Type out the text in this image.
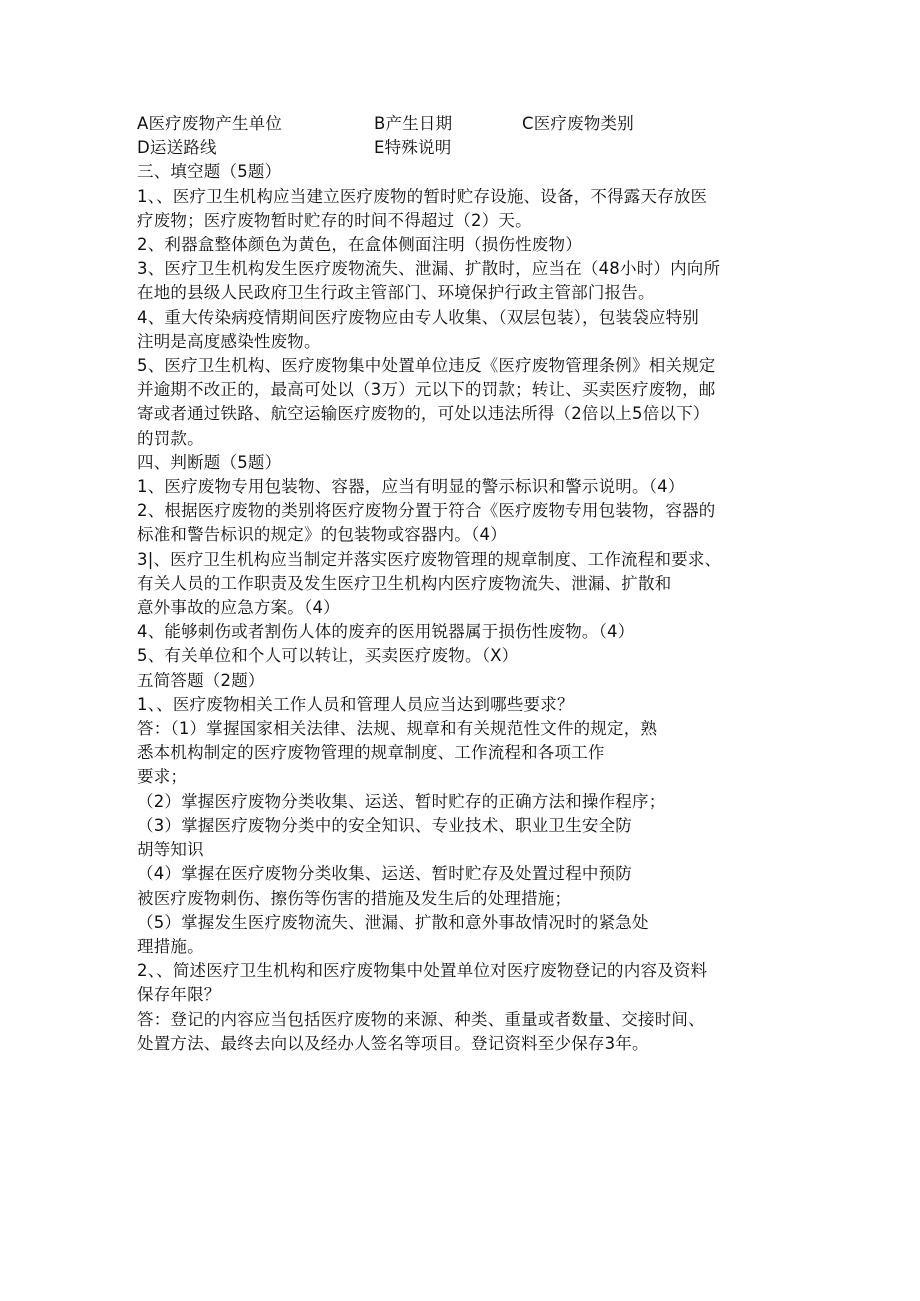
A医疗废物产生单位	B产生日期	C医疗废物类别
D运送路线	E特殊说明
三、填空题（5题）
1、、医疗卫生机构应当建立医疗废物的暂时贮存设施、设备，不得露天存放医
疗废物；医疗废物暂时贮存的时间不得超过（2）天。
2、利器盒整体颜色为黄色，在盒体侧面注明（损伤性废物）
3、医疗卫生机构发生医疗废物流失、泄漏、扩散时，应当在（48小时）内向所
在地的县级人民政府卫生行政主管部门、环境保护行政主管部门报告。
4、重大传染病疫情期间医疗废物应由专人收集、（双层包装），包装袋应特别
注明是高度感染性废物。
5、医疗卫生机构、医疗废物集中处置单位违反《医疗废物管理条例》相关规定
并逾期不改正的，最高可处以（3万）元以下的罚款；转让、买卖医疗废物，邮
寄或者通过铁路、航空运输医疗废物的，可处以违法所得（2倍以上5倍以下）
的罚款。
四、判断题（5题）
1、医疗废物专用包装物、容器，应当有明显的警示标识和警示说明。（4）
2、根据医疗废物的类别将医疗废物分置于符合《医疗废物专用包装物，容器的
标准和警告标识的规定》的包装物或容器内。（4）
3|、医疗卫生机构应当制定并落实医疗废物管理的规章制度、工作流程和要求、
有关人员的工作职责及发生医疗卫生机构内医疗废物流失、泄漏、扩散和
意外事故的应急方案。（4）
4、能够刺伤或者割伤人体的废弃的医用锐器属于损伤性废物。（4）
5、有关单位和个人可以转让，买卖医疗废物。（X）
五简答题（2题）
1、、医疗废物相关工作人员和管理人员应当达到哪些要求？
答：（1）掌握国家相关法律、法规、规章和有关规范性文件的规定，熟
悉本机构制定的医疗废物管理的规章制度、工作流程和各项工作
要求；
（2）掌握医疗废物分类收集、运送、暂时贮存的正确方法和操作程序；
（3）掌握医疗废物分类中的安全知识、专业技术、职业卫生安全防
胡等知识
（4）掌握在医疗废物分类收集、运送、暂时贮存及处置过程中预防
被医疗废物刺伤、擦伤等伤害的措施及发生后的处理措施；
（5）掌握发生医疗废物流失、泄漏、扩散和意外事故情况时的紧急处
理措施。
2、、简述医疗卫生机构和医疗废物集中处置单位对医疗废物登记的内容及资料
保存年限？
答：登记的内容应当包括医疗废物的来源、种类、重量或者数量、交接时间、
处置方法、最终去向以及经办人签名等项目。登记资料至少保存3年。
